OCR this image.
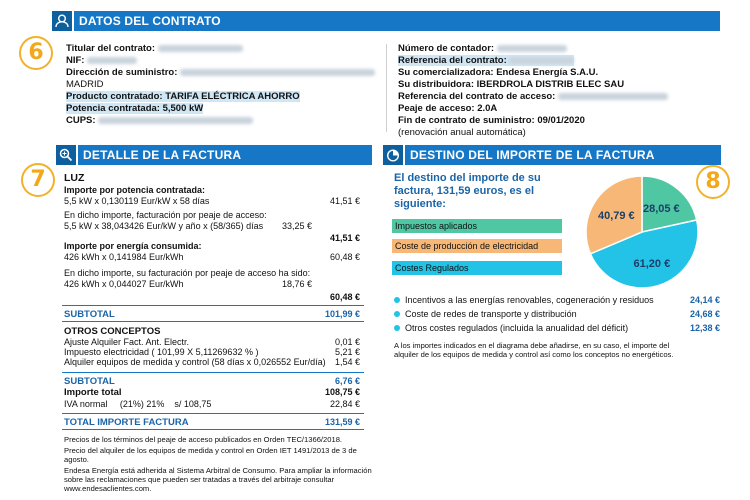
DATOS DEL CONTRATO
6	Titular del contrato:
NIF:
Dirección de suministro:
MADRID
Producto contratado: TARIFA ELÉCTRICA AHORRO
Potencia contratada: 5,500 kW
CUPS:
Número de contador:
Referencia del contrato:
Su comercializadora: Endesa Energía S.A.U.
Su distribuidora: IBERDROLA DISTRIB ELEC SAU
Referencia del contrato de acceso:
Peaje de acceso: 2.0A
Fin de contrato de suministro: 09/01/2020
(renovación anual automática)
DETALLE DE LA FACTURA
7	LUZ
Importe por potencia contratada:
5,5 kW x 0,130119 Eur/kW x 58 días	41,51 €
En dicho importe, facturación por peaje de acceso:
5,5 kW x 38,043426 Eur/kW y año x (58/365) días	33,25 €
41,51 €
Importe por energía consumida:
426 kWh x 0,141984 Eur/kWh	60,48 €
En dicho importe, su facturación por peaje de acceso ha sido:
426 kWh x 0,044027 Eur/kWh	18,76 €
60,48 €
SUBTOTAL	101,99 €
OTROS CONCEPTOS
Ajuste Alquiler Fact. Ant. Electr.	0,01 €
Impuesto electricidad ( 101,99 X 5,11269632 % )	5,21 €
Alquiler equipos de medida y control (58 días x 0,026552 Eur/día)	1,54 €
SUBTOTAL	6,76 €
Importe total	108,75 €
IVA normal     (21%) 21%    s/ 108,75	22,84 €
TOTAL IMPORTE FACTURA	131,59 €
Precios de los términos del peaje de acceso publicados en Orden TEC/1366/2018.
Precio del alquiler de los equipos de medida y control en Orden IET 1491/2013 de 3 de
agosto.
Endesa Energía está adherida al Sistema Arbitral de Consumo. Para ampliar la información
sobre las reclamaciones que pueden ser tratadas a través del arbitraje consultar
www.endesaclientes.com.
DESTINO DEL IMPORTE DE LA FACTURA
El destino del importe de su
factura, 131,59 euros, es el
siguiente:
Impuestos aplicados
Coste de producción de electricidad
Costes Regulados
28,05 €
61,20 €
40,79 €
8
Incentivos a las energías renovables, cogeneración y residuos	24,14 €
Coste de redes de transporte y distribución	24,68 €
Otros costes regulados (incluida la anualidad del déficit)	12,38 €
A los importes indicados en el diagrama debe añadirse, en su caso, el importe del
alquiler de los equipos de medida y control así como los conceptos no energéticos.
